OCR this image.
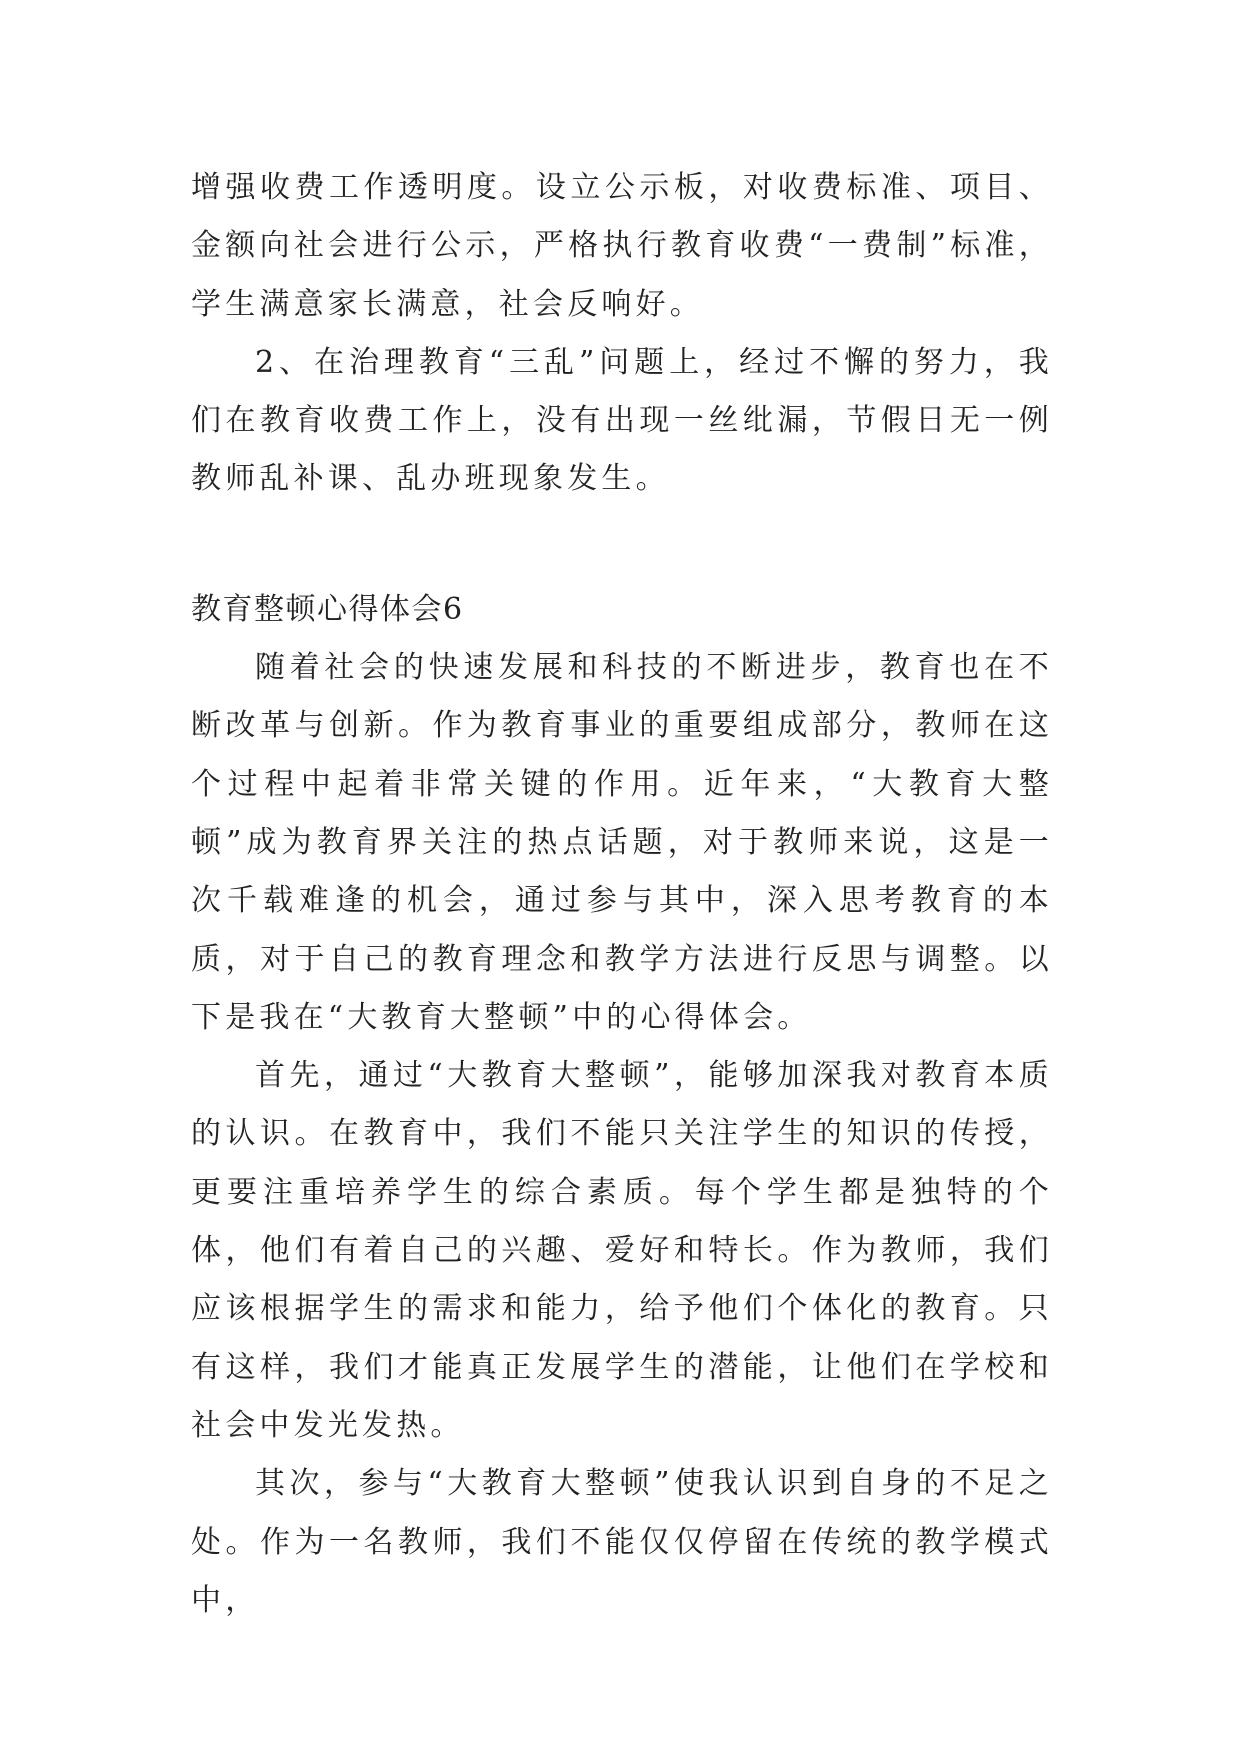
增强收费工作透明度。设立公示板，对收费标准、项目、金额向社会进行公示，严格执行教育收费“一费制”标准，学生满意家长满意，社会反响好。

2、在治理教育“三乱”问题上，经过不懈的努力，我们在教育收费工作上，没有出现一丝纰漏，节假日无一例教师乱补课、乱办班现象发生。

教育整顿心得体会6

随着社会的快速发展和科技的不断进步，教育也在不断改革与创新。作为教育事业的重要组成部分，教师在这个过程中起着非常关键的作用。近年来，“大教育大整顿”成为教育界关注的热点话题，对于教师来说，这是一次千载难逢的机会，通过参与其中，深入思考教育的本质，对于自己的教育理念和教学方法进行反思与调整。以下是我在“大教育大整顿”中的心得体会。

首先，通过“大教育大整顿”，能够加深我对教育本质的认识。在教育中，我们不能只关注学生的知识的传授，更要注重培养学生的综合素质。每个学生都是独特的个体，他们有着自己的兴趣、爱好和特长。作为教师，我们应该根据学生的需求和能力，给予他们个体化的教育。只有这样，我们才能真正发展学生的潜能，让他们在学校和社会中发光发热。

其次，参与“大教育大整顿”使我认识到自身的不足之处。作为一名教师，我们不能仅仅停留在传统的教学模式中，
